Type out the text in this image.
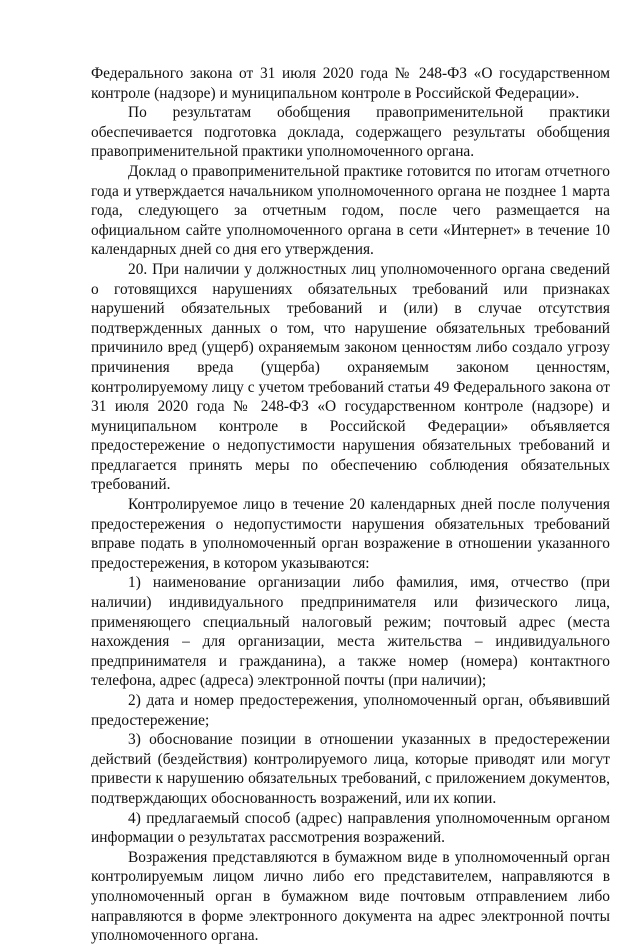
Федерального закона от 31 июля 2020 года № 248-ФЗ «О государственном контроле (надзоре) и муниципальном контроле в Российской Федерации».

По результатам обобщения правоприменительной практики обеспечивается подготовка доклада, содержащего результаты обобщения правоприменительной практики уполномоченного органа.

Доклад о правоприменительной практике готовится по итогам отчетного года и утверждается начальником уполномоченного органа не позднее 1 марта года, следующего за отчетным годом, после чего размещается на официальном сайте уполномоченного органа в сети «Интернет» в течение 10 календарных дней со дня его утверждения.

20. При наличии у должностных лиц уполномоченного органа сведений о готовящихся нарушениях обязательных требований или признаках нарушений обязательных требований и (или) в случае отсутствия подтвержденных данных о том, что нарушение обязательных требований причинило вред (ущерб) охраняемым законом ценностям либо создало угрозу причинения вреда (ущерба) охраняемым законом ценностям, контролируемому лицу с учетом требований статьи 49 Федерального закона от 31 июля 2020 года № 248-ФЗ «О государственном контроле (надзоре) и муниципальном контроле в Российской Федерации» объявляется предостережение о недопустимости нарушения обязательных требований и предлагается принять меры по обеспечению соблюдения обязательных требований.

Контролируемое лицо в течение 20 календарных дней после получения предостережения о недопустимости нарушения обязательных требований вправе подать в уполномоченный орган возражение в отношении указанного предостережения, в котором указываются:

1) наименование организации либо фамилия, имя, отчество (при наличии) индивидуального предпринимателя или физического лица, применяющего специальный налоговый режим; почтовый адрес (места нахождения – для организации, места жительства – индивидуального предпринимателя и гражданина), а также номер (номера) контактного телефона, адрес (адреса) электронной почты (при наличии);

2) дата и номер предостережения, уполномоченный орган, объявивший предостережение;

3) обоснование позиции в отношении указанных в предостережении действий (бездействия) контролируемого лица, которые приводят или могут привести к нарушению обязательных требований, с приложением документов, подтверждающих обоснованность возражений, или их копии.

4) предлагаемый способ (адрес) направления уполномоченным органом информации о результатах рассмотрения возражений.

Возражения представляются в бумажном виде в уполномоченный орган контролируемым лицом лично либо его представителем, направляются в уполномоченный орган в бумажном виде почтовым отправлением либо направляются в форме электронного документа на адрес электронной почты уполномоченного органа.
